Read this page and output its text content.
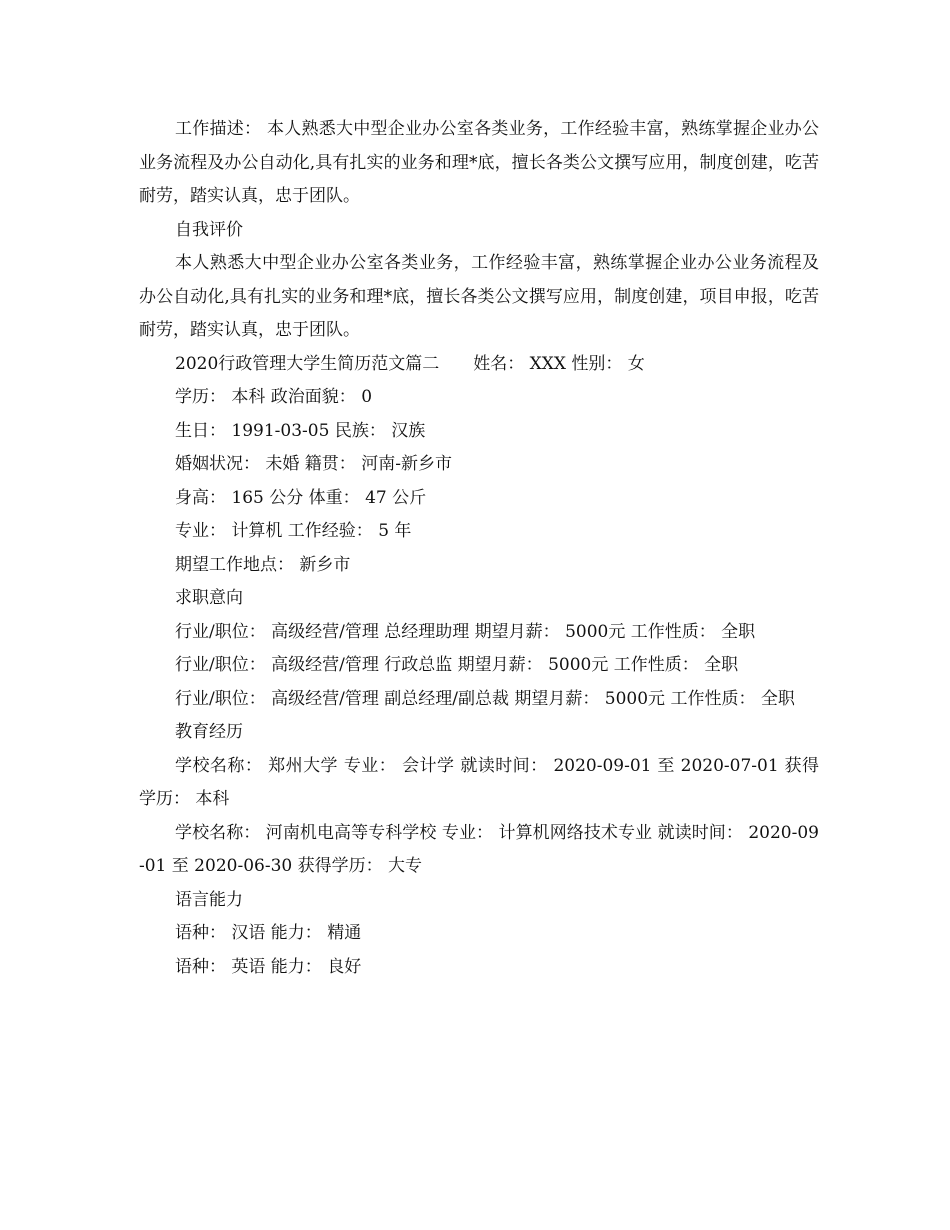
工作描述： 本人熟悉大中型企业办公室各类业务，工作经验丰富，熟练掌握企业办公业务流程及办公自动化,具有扎实的业务和理*底，擅长各类公文撰写应用，制度创建，吃苦耐劳，踏实认真，忠于团队。

自我评价

本人熟悉大中型企业办公室各类业务，工作经验丰富，熟练掌握企业办公业务流程及办公自动化,具有扎实的业务和理*底，擅长各类公文撰写应用，制度创建，项目申报，吃苦耐劳，踏实认真，忠于团队。

2020行政管理大学生简历范文篇二　　姓名： XXX 性别： 女

学历： 本科 政治面貌： 0

生日： 1991-03-05 民族： 汉族

婚姻状况： 未婚 籍贯： 河南-新乡市

身高： 165 公分 体重： 47 公斤

专业： 计算机 工作经验： 5 年

期望工作地点： 新乡市

求职意向

行业/职位： 高级经营/管理 总经理助理 期望月薪： 5000元 工作性质： 全职

行业/职位： 高级经营/管理 行政总监 期望月薪： 5000元 工作性质： 全职

行业/职位： 高级经营/管理 副总经理/副总裁 期望月薪： 5000元 工作性质： 全职

教育经历

学校名称： 郑州大学 专业： 会计学 就读时间： 2020-09-01 至 2020-07-01 获得学历： 本科

学校名称： 河南机电高等专科学校 专业： 计算机网络技术专业 就读时间： 2020-09-01 至 2020-06-30 获得学历： 大专

语言能力

语种： 汉语 能力： 精通

语种： 英语 能力： 良好
